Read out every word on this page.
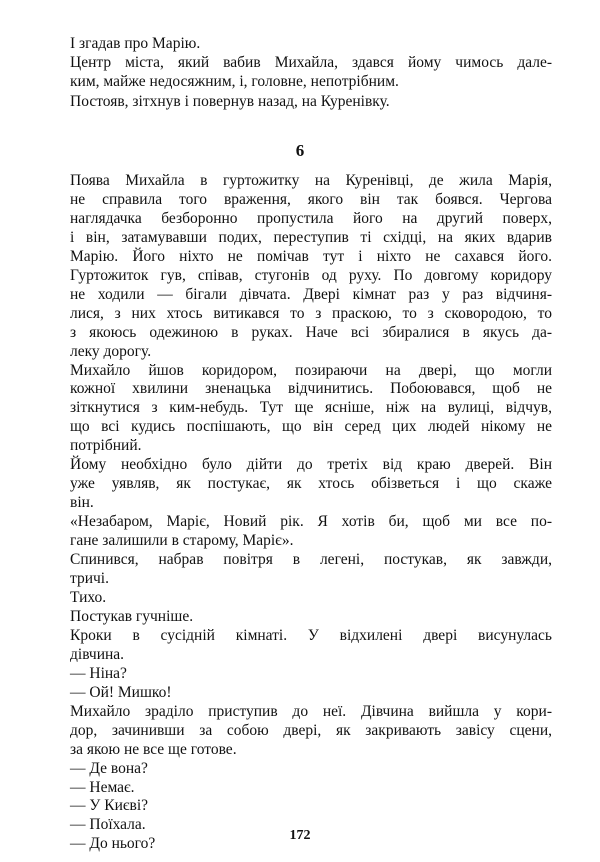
І згадав про Марію.
Центр міста, який вабив Михайла, здався йому чимось дале-
ким, майже недосяжним, і, головне, непотрібним.
Постояв, зітхнув і повернув назад, на Куренівку.
6
Поява Михайла в гуртожитку на Куренівці, де жила Марія,
не справила того враження, якого він так боявся. Чергова
наглядачка безборонно пропустила його на другий поверх,
і він, затамувавши подих, переступив ті східці, на яких вдарив
Марію. Його ніхто не помічав тут і ніхто не сахався його.
Гуртожиток гув, співав, стугонів од руху. По довгому коридору
не ходили — бігали дівчата. Двері кімнат раз у раз відчиня-
лися, з них хтось витикався то з праскою, то з сковородою, то
з якоюсь одежиною в руках. Наче всі збиралися в якусь да-
леку дорогу.
Михайло йшов коридором, позираючи на двері, що могли
кожної хвилини зненацька відчинитись. Побоювався, щоб не
зіткнутися з ким-небудь. Тут ще ясніше, ніж на вулиці, відчув,
що всі кудись поспішають, що він серед цих людей нікому не
потрібний.
Йому необхідно було дійти до третіх від краю дверей. Він
уже уявляв, як постукає, як хтось обізветься і що скаже
він.
«Незабаром, Маріє, Новий рік. Я хотів би, щоб ми все по-
гане залишили в старому, Маріє».
Спинився, набрав повітря в легені, постукав, як завжди,
тричі.
Тихо.
Постукав гучніше.
Кроки в сусідній кімнаті. У відхилені двері висунулась
дівчина.
— Ніна?
— Ой! Мишко!
Михайло зраділо приступив до неї. Дівчина вийшла у кори-
дор, зачинивши за собою двері, як закривають завісу сцени,
за якою не все ще готове.
— Де вона?
— Немає.
— У Києві?
— Поїхала.
— До нього?	172
